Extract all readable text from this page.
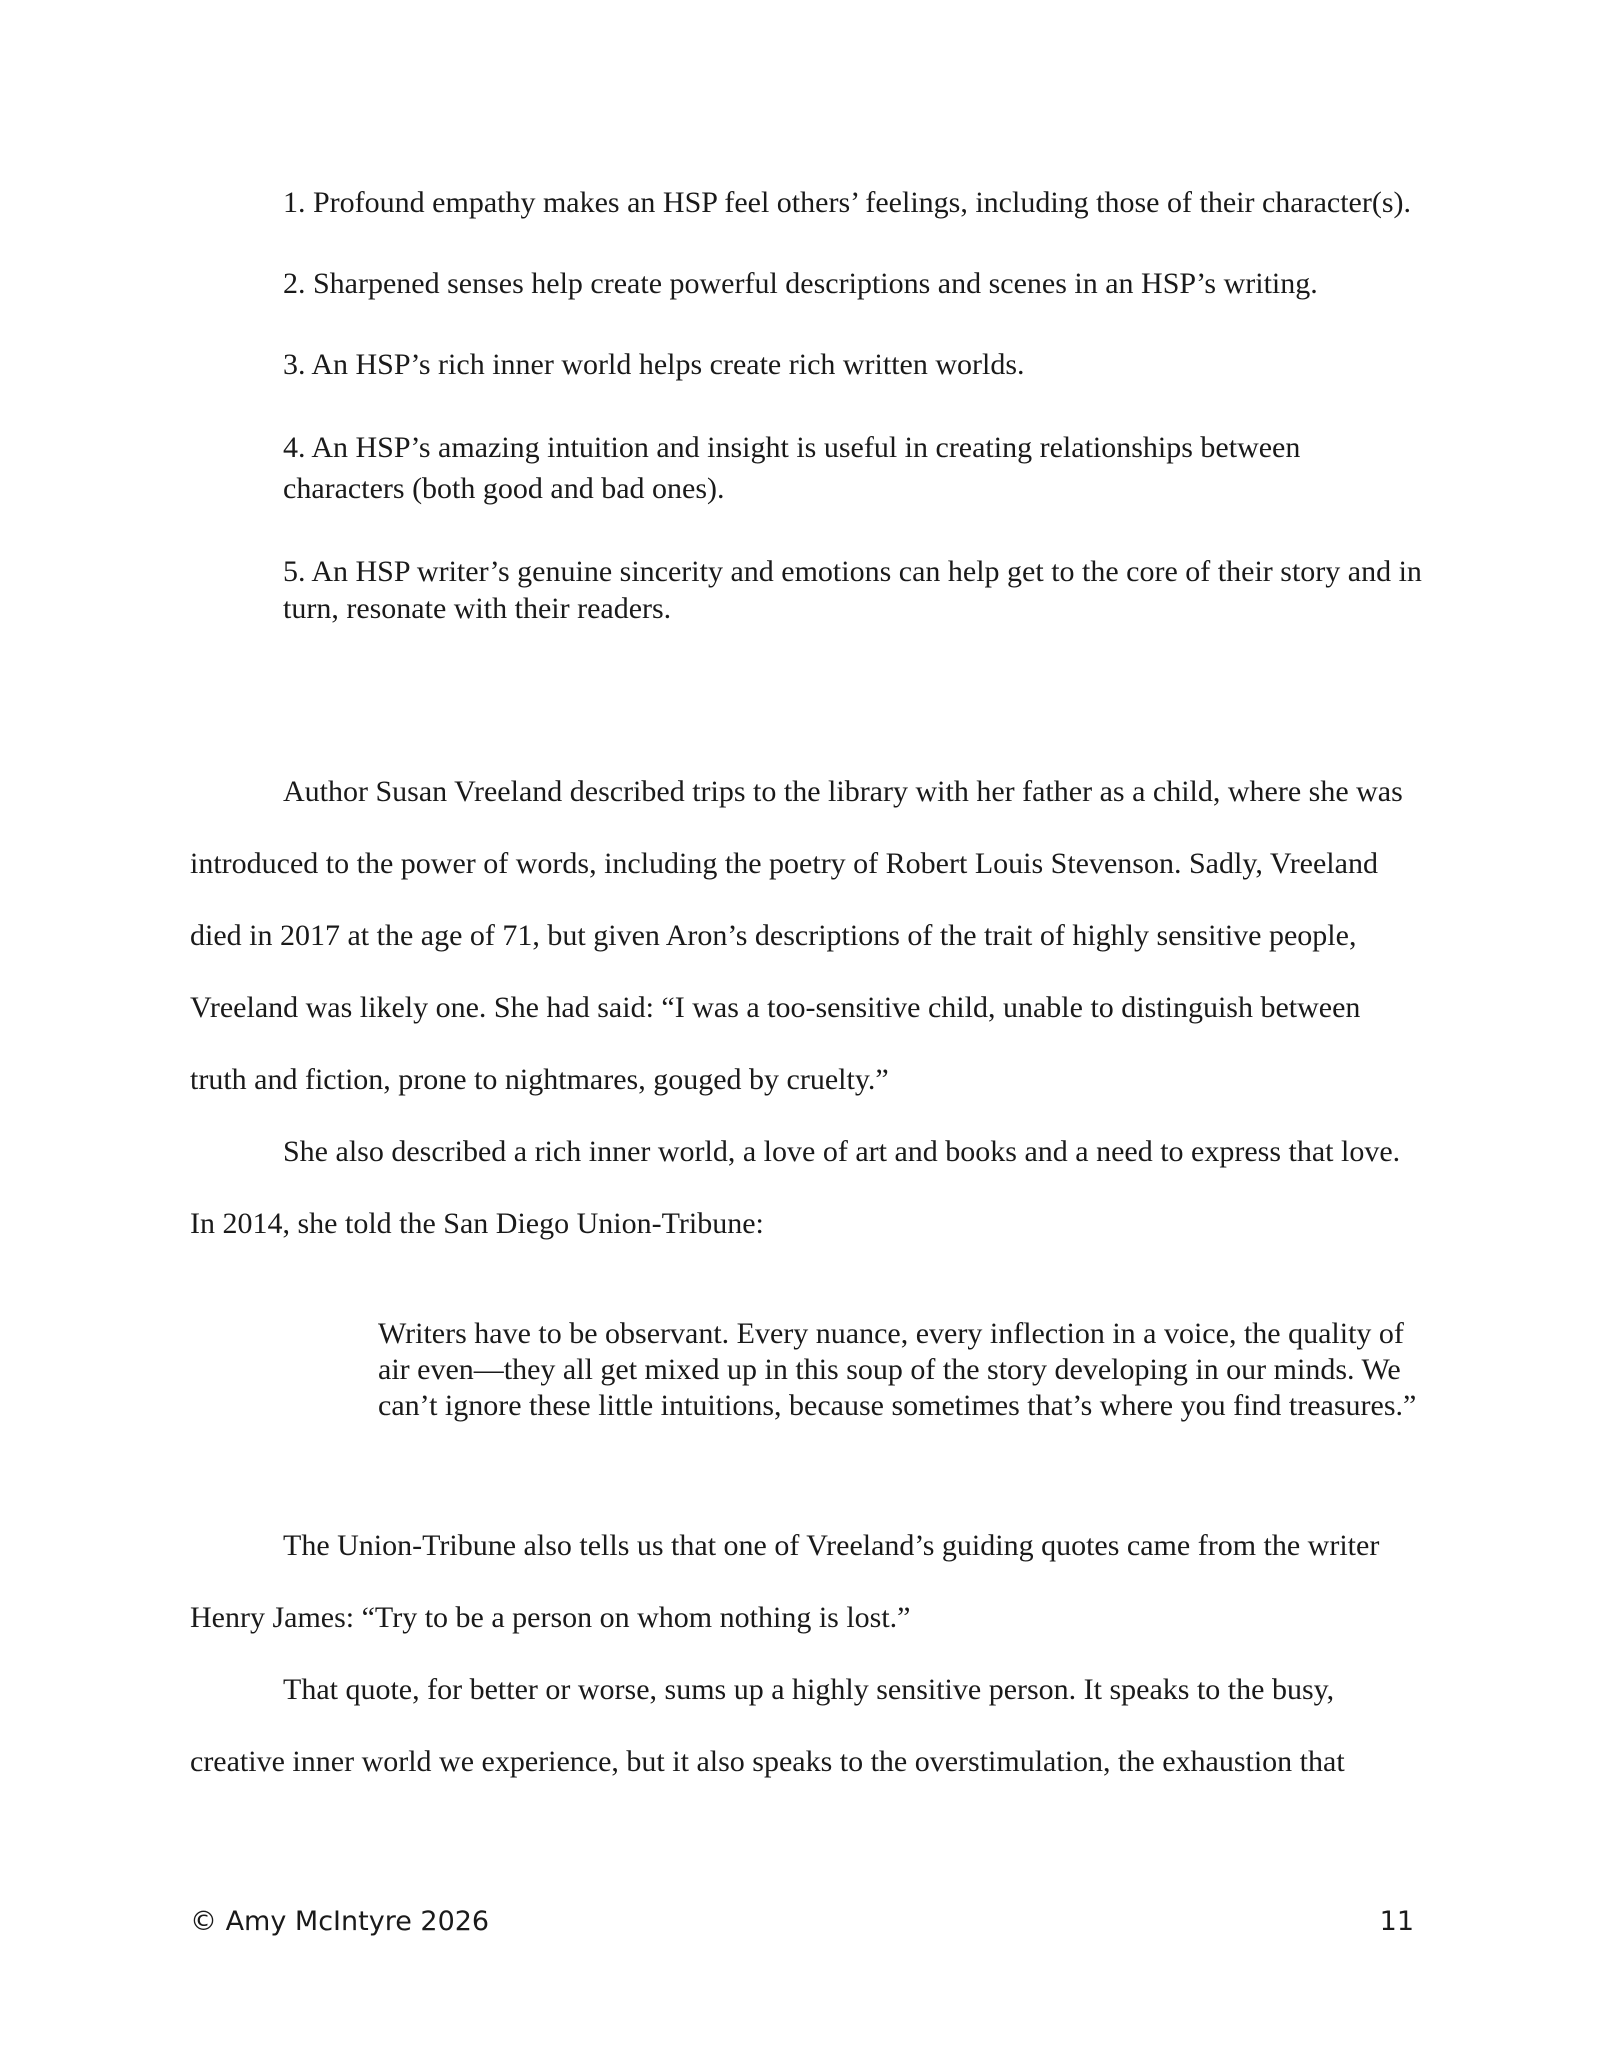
1. Profound empathy makes an HSP feel others’ feelings, including those of their character(s).

2. Sharpened senses help create powerful descriptions and scenes in an HSP’s writing.

3. An HSP’s rich inner world helps create rich written worlds.

4. An HSP’s amazing intuition and insight is useful in creating relationships between characters (both good and bad ones).

5. An HSP writer’s genuine sincerity and emotions can help get to the core of their story and in turn, resonate with their readers.

Author Susan Vreeland described trips to the library with her father as a child, where she was introduced to the power of words, including the poetry of Robert Louis Stevenson. Sadly, Vreeland died in 2017 at the age of 71, but given Aron’s descriptions of the trait of highly sensitive people, Vreeland was likely one. She had said: “I was a too-sensitive child, unable to distinguish between truth and fiction, prone to nightmares, gouged by cruelty.”

She also described a rich inner world, a love of art and books and a need to express that love. In 2014, she told the San Diego Union-Tribune:

Writers have to be observant. Every nuance, every inflection in a voice, the quality of air even—they all get mixed up in this soup of the story developing in our minds. We can’t ignore these little intuitions, because sometimes that’s where you find treasures.”

The Union-Tribune also tells us that one of Vreeland’s guiding quotes came from the writer Henry James: “Try to be a person on whom nothing is lost.”

That quote, for better or worse, sums up a highly sensitive person. It speaks to the busy, creative inner world we experience, but it also speaks to the overstimulation, the exhaustion that

© Amy McIntyre 2026	11
